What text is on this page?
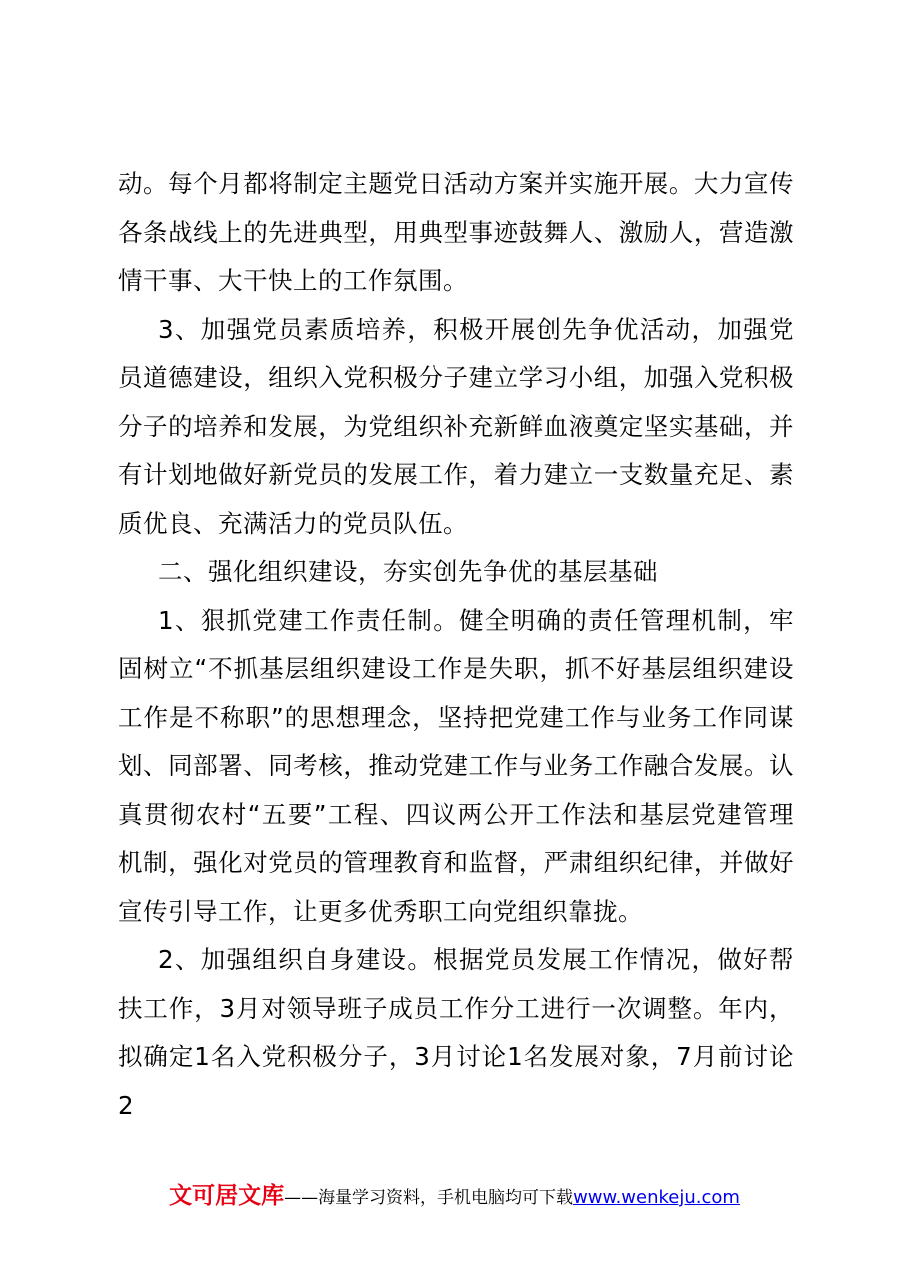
动。每个月都将制定主题党日活动方案并实施开展。大力宣传各条战线上的先进典型，用典型事迹鼓舞人、激励人，营造激情干事、大干快上的工作氛围。

3、加强党员素质培养，积极开展创先争优活动，加强党员道德建设，组织入党积极分子建立学习小组，加强入党积极分子的培养和发展，为党组织补充新鲜血液奠定坚实基础，并有计划地做好新党员的发展工作，着力建立一支数量充足、素质优良、充满活力的党员队伍。

二、强化组织建设，夯实创先争优的基层基础

1、狠抓党建工作责任制。健全明确的责任管理机制，牢固树立“不抓基层组织建设工作是失职，抓不好基层组织建设工作是不称职”的思想理念，坚持把党建工作与业务工作同谋划、同部署、同考核，推动党建工作与业务工作融合发展。认真贯彻农村“五要”工程、四议两公开工作法和基层党建管理机制，强化对党员的管理教育和监督，严肃组织纪律，并做好宣传引导工作，让更多优秀职工向党组织靠拢。

2、加强组织自身建设。根据党员发展工作情况，做好帮扶工作，3月对领导班子成员工作分工进行一次调整。年内，拟确定1名入党积极分子，3月讨论1名发展对象，7月前讨论2

文可居文库——海量学习资料，手机电脑均可下载www.wenkeju.com
